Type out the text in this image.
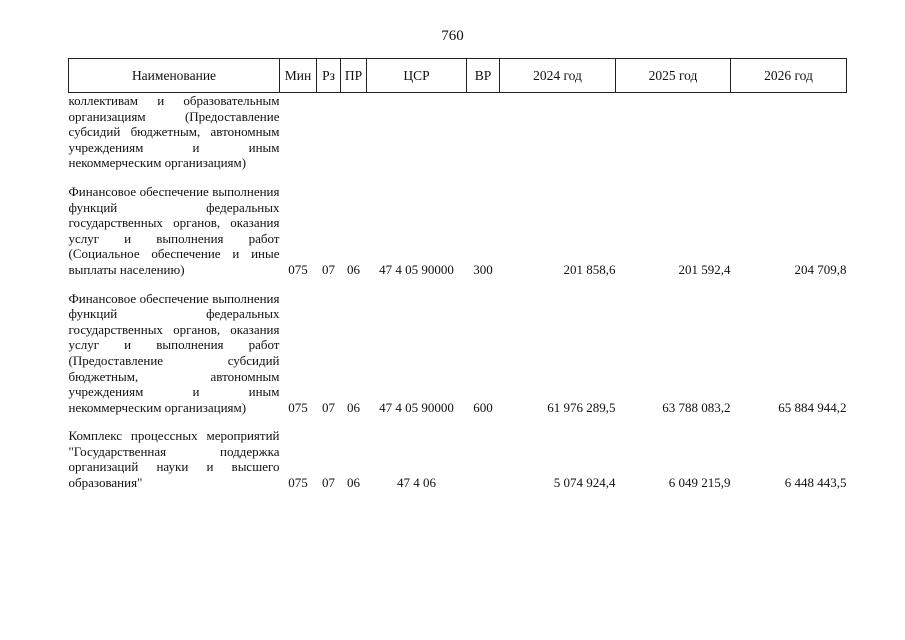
760
Наименование	Мин	Рз	ПР	ЦСР	ВР	2024 год	2025 год	2026 год
коллективам и образовательным организациям (Предоставление субсидий бюджетным, автономным учреждениям и иным некоммерческим организациям)								

Финансовое обеспечение выполнения функций федеральных государственных органов, оказания услуг и выполнения работ (Социальное обеспечение и иные выплаты населению)	075	07	06	47 4 05 90000	300	201 858,6	201 592,4	204 709,8

Финансовое обеспечение выполнения функций федеральных государственных органов, оказания услуг и выполнения работ (Предоставление субсидий бюджетным, автономным учреждениям и иным некоммерческим организациям)	075	07	06	47 4 05 90000	600	61 976 289,5	63 788 083,2	65 884 944,2

Комплекс процессных мероприятий "Государственная поддержка организаций науки и высшего образования"	075	07	06	47 4 06		5 074 924,4	6 049 215,9	6 448 443,5
